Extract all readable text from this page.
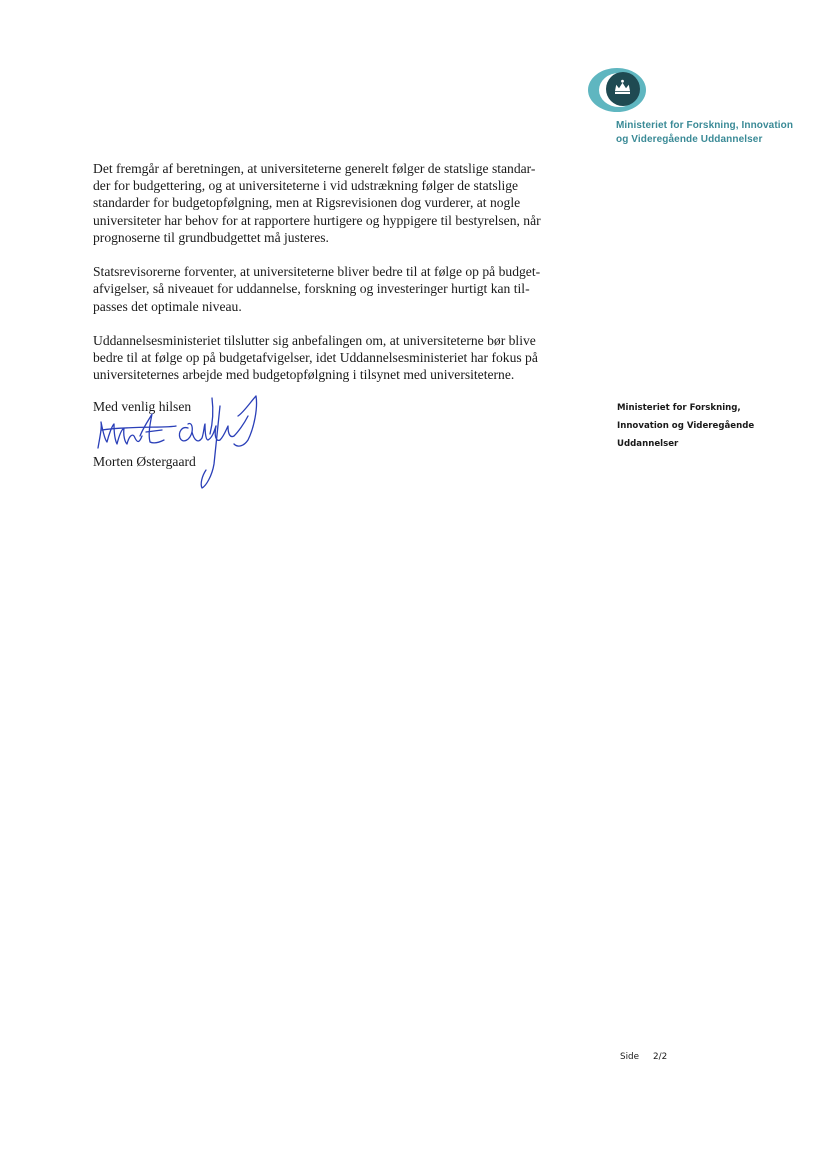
Ministeriet for Forskning, Innovation
og Videregående Uddannelser

Det fremgår af beretningen, at universiteterne generelt følger de statslige standar-
der for budgettering, og at universiteterne i vid udstrækning følger de statslige
standarder for budgetopfølgning, men at Rigsrevisionen dog vurderer, at nogle
universiteter har behov for at rapportere hurtigere og hyppigere til bestyrelsen, når
prognoserne til grundbudgettet må justeres.

Statsrevisorerne forventer, at universiteterne bliver bedre til at følge op på budget-
afvigelser, så niveauet for uddannelse, forskning og investeringer hurtigt kan til-
passes det optimale niveau.

Uddannelsesministeriet tilslutter sig anbefalingen om, at universiteterne bør blive
bedre til at følge op på budgetafvigelser, idet Uddannelsesministeriet har fokus på
universiteternes arbejde med budgetopfølgning i tilsynet med universiteterne.

Med venlig hilsen
Morten Østergaard
Ministeriet for Forskning,
Innovation og Videregående
Uddannelser
Side 2/2
